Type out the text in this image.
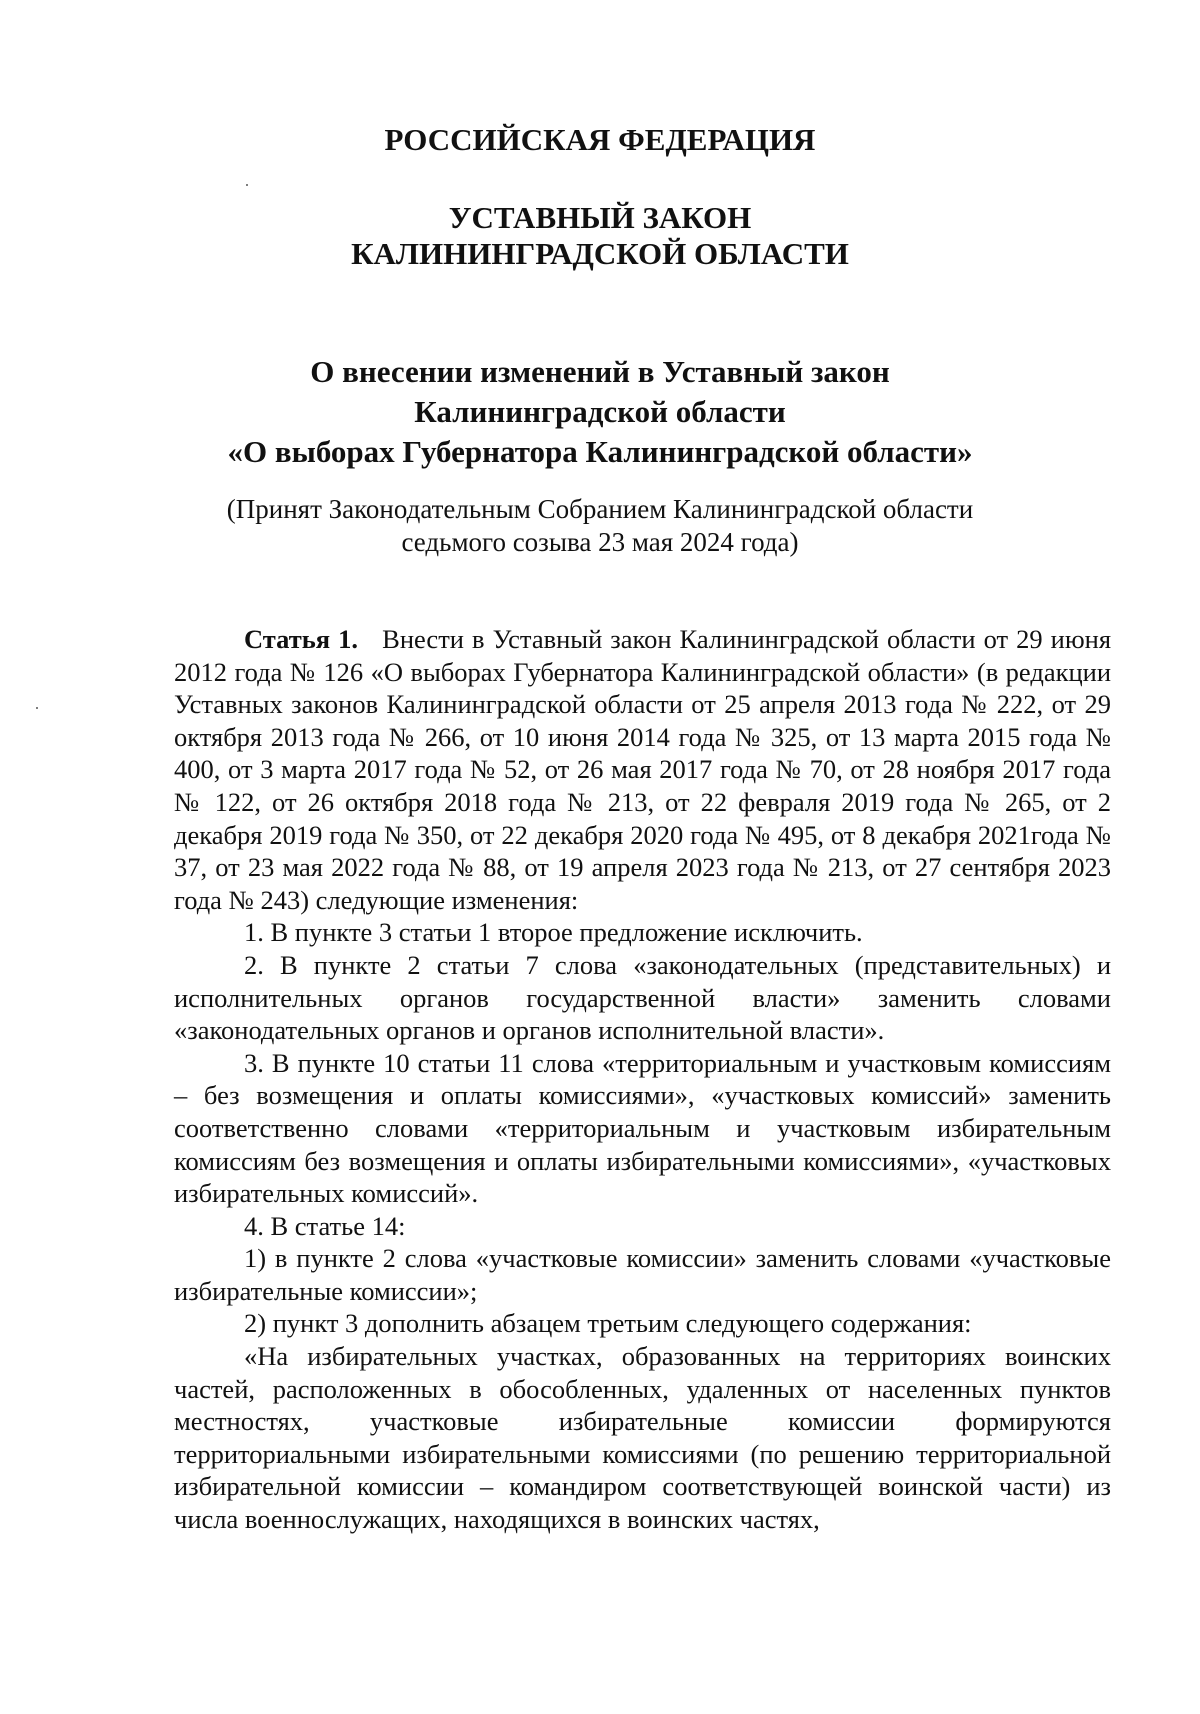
РОССИЙСКАЯ ФЕДЕРАЦИЯ

УСТАВНЫЙ ЗАКОН

КАЛИНИНГРАДСКОЙ ОБЛАСТИ

О внесении изменений в Уставный закон

Калининградской области

«О выборах Губернатора Калининградской области»

(Принят Законодательным Собранием Калининградской области

седьмого созыва 23 мая 2024 года)

Статья 1. Внести в Уставный закон Калининградской области от 29 июня 2012 года № 126 «О выборах Губернатора Калининградской области» (в редакции Уставных законов Калининградской области от 25 апреля 2013 года № 222, от 29 октября 2013 года № 266, от 10 июня 2014 года № 325, от 13 марта 2015 года № 400, от 3 марта 2017 года № 52, от 26 мая 2017 года № 70, от 28 ноября 2017 года № 122, от 26 октября 2018 года № 213, от 22 февраля 2019 года № 265, от 2 декабря 2019 года № 350, от 22 декабря 2020 года № 495, от 8 декабря 2021года № 37, от 23 мая 2022 года № 88, от 19 апреля 2023 года № 213, от 27 сентября 2023 года № 243) следующие изменения:

1. В пункте 3 статьи 1 второе предложение исключить.

2. В пункте 2 статьи 7 слова «законодательных (представительных) и исполнительных органов государственной власти» заменить словами «законодательных органов и органов исполнительной власти».

3. В пункте 10 статьи 11 слова «территориальным и участковым комиссиям – без возмещения и оплаты комиссиями», «участковых комиссий» заменить соответственно словами «территориальным и участковым избирательным комиссиям без возмещения и оплаты избирательными комиссиями», «участковых избирательных комиссий».

4. В статье 14:

1) в пункте 2 слова «участковые комиссии» заменить словами «участковые избирательные комиссии»;

2) пункт 3 дополнить абзацем третьим следующего содержания:

«На избирательных участках, образованных на территориях воинских частей, расположенных в обособленных, удаленных от населенных пунктов местностях, участковые избирательные комиссии формируются территориальными избирательными комиссиями (по решению территориальной избирательной комиссии – командиром соответствующей воинской части) из числа военнослужащих, находящихся в воинских частях,
